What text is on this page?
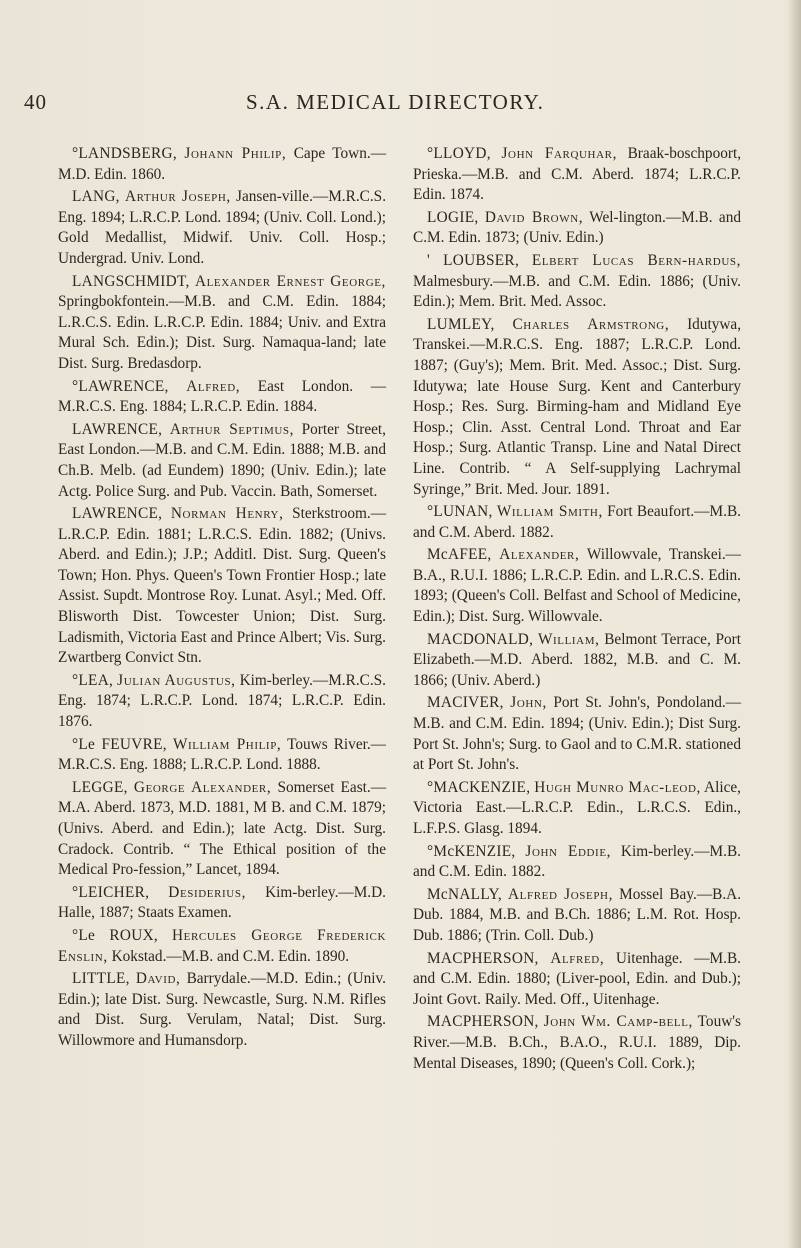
40	S.A. MEDICAL DIRECTORY.

°LANDSBERG, Johann Philip, Cape Town.—M.D. Edin. 1860.

LANG, Arthur Joseph, Jansen-ville.—M.R.C.S. Eng. 1894; L.R.C.P. Lond. 1894; (Univ. Coll. Lond.); Gold Medallist, Midwif. Univ. Coll. Hosp.; Undergrad. Univ. Lond.

LANGSCHMIDT, Alexander Ernest George, Springbokfontein.—M.B. and C.M. Edin. 1884; L.R.C.S. Edin. L.R.C.P. Edin. 1884; Univ. and Extra Mural Sch. Edin.); Dist. Surg. Namaqua-land; late Dist. Surg. Bredasdorp.

°LAWRENCE, Alfred, East London. — M.R.C.S. Eng. 1884; L.R.C.P. Edin. 1884.

LAWRENCE, Arthur Septimus, Porter Street, East London.—M.B. and C.M. Edin. 1888; M.B. and Ch.B. Melb. (ad Eundem) 1890; (Univ. Edin.); late Actg. Police Surg. and Pub. Vaccin. Bath, Somerset.

LAWRENCE, Norman Henry, Sterkstroom.—L.R.C.P. Edin. 1881; L.R.C.S. Edin. 1882; (Univs. Aberd. and Edin.); J.P.; Additl. Dist. Surg. Queen's Town; Hon. Phys. Queen's Town Frontier Hosp.; late Assist. Supdt. Montrose Roy. Lunat. Asyl.; Med. Off. Blisworth Dist. Towcester Union; Dist. Surg. Ladismith, Victoria East and Prince Albert; Vis. Surg. Zwartberg Convict Stn.

°LEA, Julian Augustus, Kim-berley.—M.R.C.S. Eng. 1874; L.R.C.P. Lond. 1874; L.R.C.P. Edin. 1876.

°Le FEUVRE, William Philip, Touws River.—M.R.C.S. Eng. 1888; L.R.C.P. Lond. 1888.

LEGGE, George Alexander, Somerset East.—M.A. Aberd. 1873, M.D. 1881, M B. and C.M. 1879; (Univs. Aberd. and Edin.); late Actg. Dist. Surg. Cradock. Contrib. “ The Ethical position of the Medical Pro-fession,” Lancet, 1894.

°LEICHER, Desiderius, Kim-berley.—M.D. Halle, 1887; Staats Examen.

°Le ROUX, Hercules George Frederick Enslin, Kokstad.—M.B. and C.M. Edin. 1890.

LITTLE, David, Barrydale.—M.D. Edin.; (Univ. Edin.); late Dist. Surg. Newcastle, Surg. N.M. Rifles and Dist. Surg. Verulam, Natal; Dist. Surg. Willowmore and Humansdorp.

°LLOYD, John Farquhar, Braak-boschpoort, Prieska.—M.B. and C.M. Aberd. 1874; L.R.C.P. Edin. 1874.

LOGIE, David Brown, Wel-lington.—M.B. and C.M. Edin. 1873; (Univ. Edin.)

' LOUBSER, Elbert Lucas Bern-hardus, Malmesbury.—M.B. and C.M. Edin. 1886; (Univ. Edin.); Mem. Brit. Med. Assoc.

LUMLEY, Charles Armstrong, Idutywa, Transkei.—M.R.C.S. Eng. 1887; L.R.C.P. Lond. 1887; (Guy's); Mem. Brit. Med. Assoc.; Dist. Surg. Idutywa; late House Surg. Kent and Canterbury Hosp.; Res. Surg. Birming-ham and Midland Eye Hosp.; Clin. Asst. Central Lond. Throat and Ear Hosp.; Surg. Atlantic Transp. Line and Natal Direct Line. Contrib. “ A Self-supplying Lachrymal Syringe,” Brit. Med. Jour. 1891.

°LUNAN, William Smith, Fort Beaufort.—M.B. and C.M. Aberd. 1882.

McAFEE, Alexander, Willowvale, Transkei.—B.A., R.U.I. 1886; L.R.C.P. Edin. and L.R.C.S. Edin. 1893; (Queen's Coll. Belfast and School of Medicine, Edin.); Dist. Surg. Willowvale.

MACDONALD, William, Belmont Terrace, Port Elizabeth.—M.D. Aberd. 1882, M.B. and C. M. 1866; (Univ. Aberd.)

MACIVER, John, Port St. John's, Pondoland.—M.B. and C.M. Edin. 1894; (Univ. Edin.); Dist Surg. Port St. John's; Surg. to Gaol and to C.M.R. stationed at Port St. John's.

°MACKENZIE, Hugh Munro Mac-leod, Alice, Victoria East.—L.R.C.P. Edin., L.R.C.S. Edin., L.F.P.S. Glasg. 1894.

°McKENZIE, John Eddie, Kim-berley.—M.B. and C.M. Edin. 1882.

McNALLY, Alfred Joseph, Mossel Bay.—B.A. Dub. 1884, M.B. and B.Ch. 1886; L.M. Rot. Hosp. Dub. 1886; (Trin. Coll. Dub.)

MACPHERSON, Alfred, Uitenhage. —M.B. and C.M. Edin. 1880; (Liver-pool, Edin. and Dub.); Joint Govt. Raily. Med. Off., Uitenhage.

MACPHERSON, John Wm. Camp-bell, Touw's River.—M.B. B.Ch., B.A.O., R.U.I. 1889, Dip. Mental Diseases, 1890; (Queen's Coll. Cork.);
